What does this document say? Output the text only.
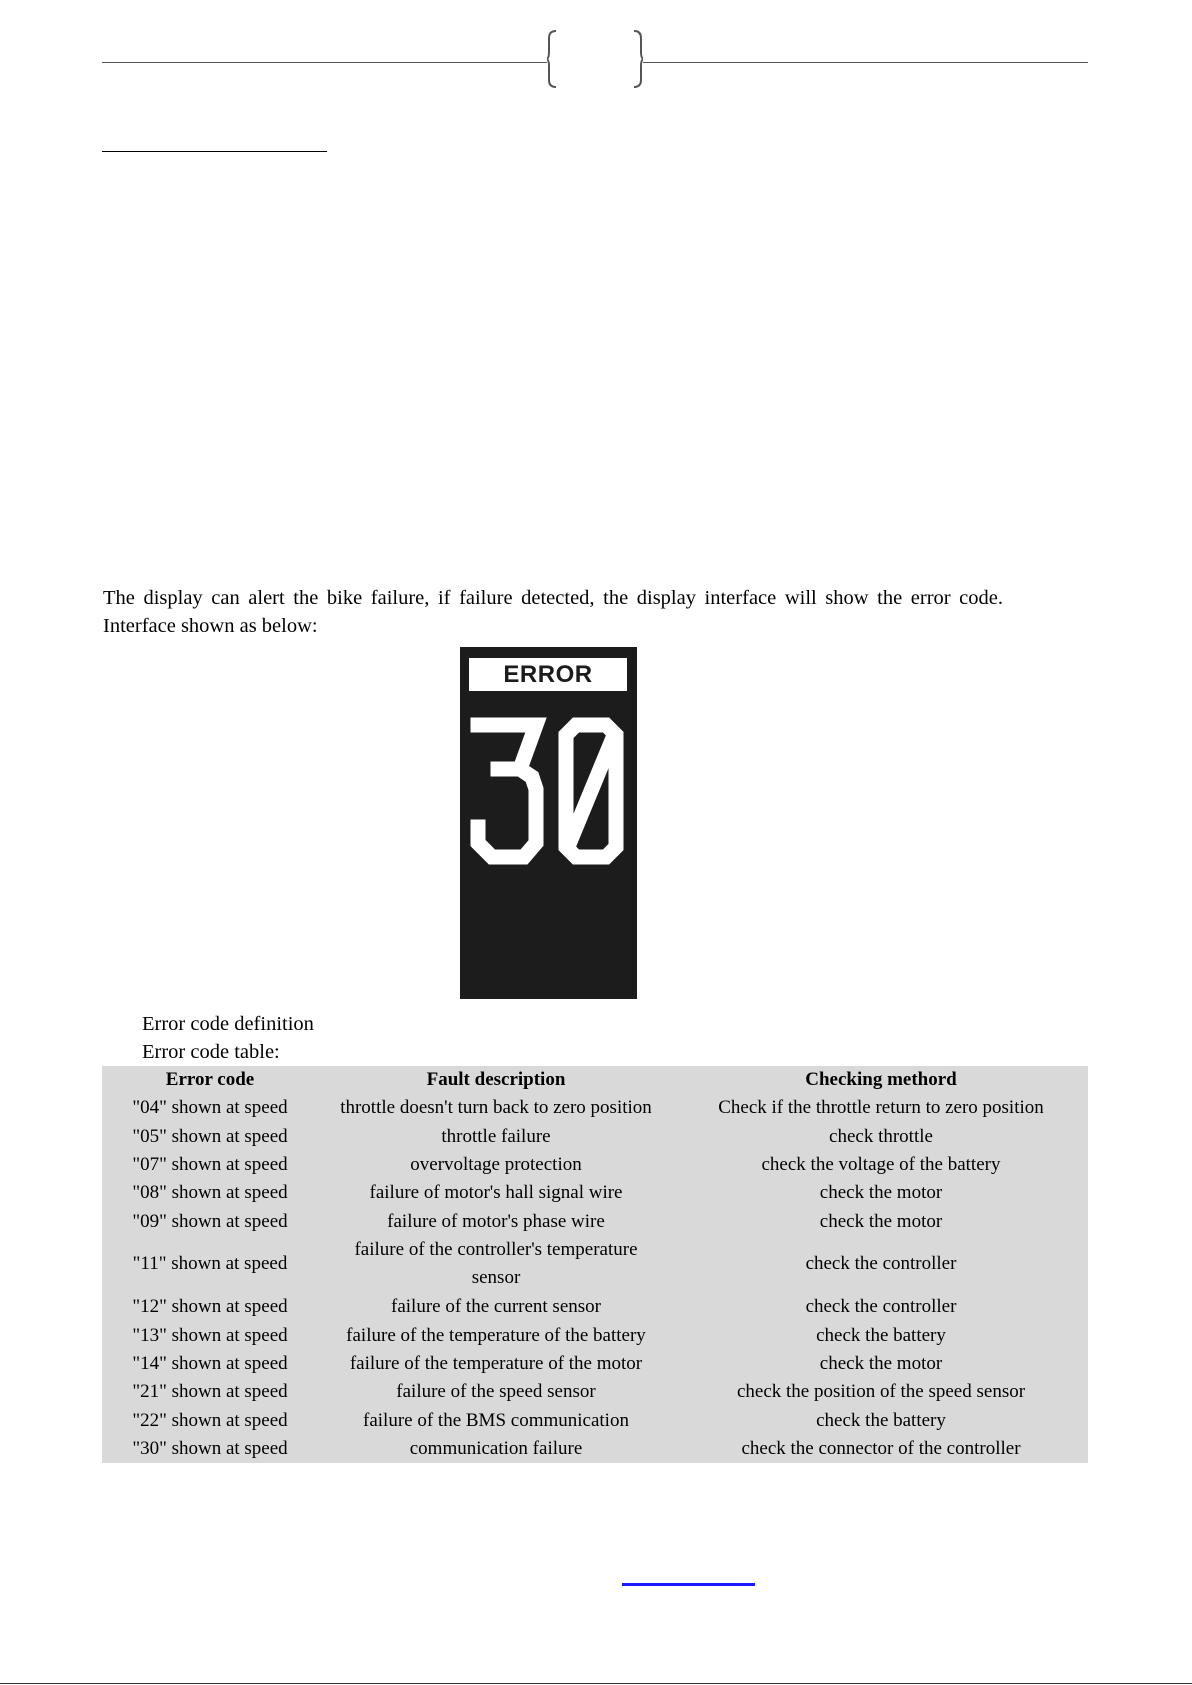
The display can alert the bike failure, if failure detected, the display interface will show the error code. Interface shown as below:
ERROR
Error code definition
Error code table:
Error code	Fault description	Checking methord
"04" shown at speed	throttle doesn't turn back to zero position	Check if the throttle return to zero position
"05" shown at speed	throttle failure	check throttle
"07" shown at speed	overvoltage protection	check the voltage of the battery
"08" shown at speed	failure of motor's hall signal wire	check the motor
"09" shown at speed	failure of motor's phase wire	check the motor
"11" shown at speed	failure of the controller's temperature sensor	check the controller
"12" shown at speed	failure of the current sensor	check the controller
"13" shown at speed	failure of the temperature of the battery	check the battery
"14" shown at speed	failure of the temperature of the motor	check the motor
"21" shown at speed	failure of the speed sensor	check the position of the speed sensor
"22" shown at speed	failure of the BMS communication	check the battery
"30" shown at speed	communication failure	check the connector of the controller
